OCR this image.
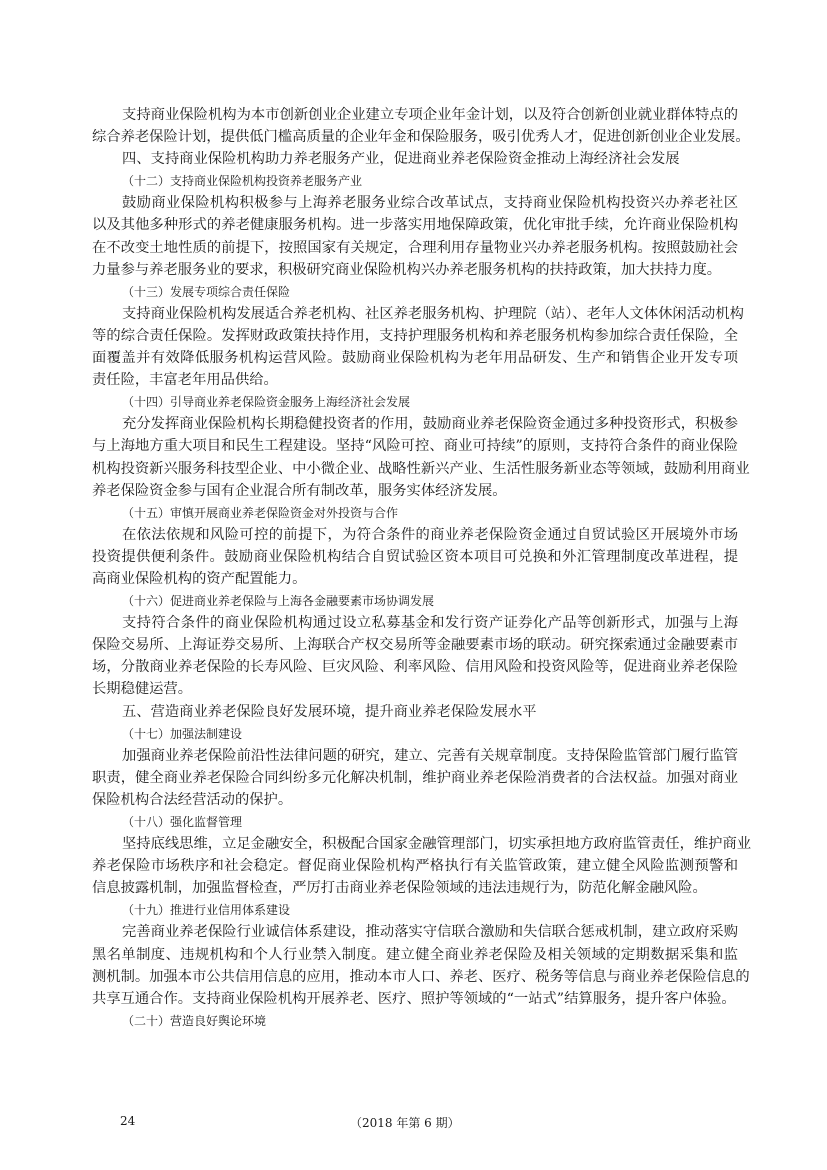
支持商业保险机构为本市创新创业企业建立专项企业年金计划，以及符合创新创业就业群体特点的
综合养老保险计划，提供低门槛高质量的企业年金和保险服务，吸引优秀人才，促进创新创业企业发展。
四、支持商业保险机构助力养老服务产业，促进商业养老保险资金推动上海经济社会发展
（十二）支持商业保险机构投资养老服务产业
鼓励商业保险机构积极参与上海养老服务业综合改革试点，支持商业保险机构投资兴办养老社区
以及其他多种形式的养老健康服务机构。进一步落实用地保障政策，优化审批手续，允许商业保险机构
在不改变土地性质的前提下，按照国家有关规定，合理利用存量物业兴办养老服务机构。按照鼓励社会
力量参与养老服务业的要求，积极研究商业保险机构兴办养老服务机构的扶持政策，加大扶持力度。
（十三）发展专项综合责任保险
支持商业保险机构发展适合养老机构、社区养老服务机构、护理院（站）、老年人文体休闲活动机构
等的综合责任保险。发挥财政政策扶持作用，支持护理服务机构和养老服务机构参加综合责任保险，全
面覆盖并有效降低服务机构运营风险。鼓励商业保险机构为老年用品研发、生产和销售企业开发专项
责任险，丰富老年用品供给。
（十四）引导商业养老保险资金服务上海经济社会发展
充分发挥商业保险机构长期稳健投资者的作用，鼓励商业养老保险资金通过多种投资形式，积极参
与上海地方重大项目和民生工程建设。坚持“风险可控、商业可持续”的原则，支持符合条件的商业保险
机构投资新兴服务科技型企业、中小微企业、战略性新兴产业、生活性服务新业态等领域，鼓励利用商业
养老保险资金参与国有企业混合所有制改革，服务实体经济发展。
（十五）审慎开展商业养老保险资金对外投资与合作
在依法依规和风险可控的前提下，为符合条件的商业养老保险资金通过自贸试验区开展境外市场
投资提供便利条件。鼓励商业保险机构结合自贸试验区资本项目可兑换和外汇管理制度改革进程，提
高商业保险机构的资产配置能力。
（十六）促进商业养老保险与上海各金融要素市场协调发展
支持符合条件的商业保险机构通过设立私募基金和发行资产证券化产品等创新形式，加强与上海
保险交易所、上海证券交易所、上海联合产权交易所等金融要素市场的联动。研究探索通过金融要素市
场，分散商业养老保险的长寿风险、巨灾风险、利率风险、信用风险和投资风险等，促进商业养老保险
长期稳健运营。
五、营造商业养老保险良好发展环境，提升商业养老保险发展水平
（十七）加强法制建设
加强商业养老保险前沿性法律问题的研究，建立、完善有关规章制度。支持保险监管部门履行监管
职责，健全商业养老保险合同纠纷多元化解决机制，维护商业养老保险消费者的合法权益。加强对商业
保险机构合法经营活动的保护。
（十八）强化监督管理
坚持底线思维，立足金融安全，积极配合国家金融管理部门，切实承担地方政府监管责任，维护商业
养老保险市场秩序和社会稳定。督促商业保险机构严格执行有关监管政策，建立健全风险监测预警和
信息披露机制，加强监督检查，严厉打击商业养老保险领域的违法违规行为，防范化解金融风险。
（十九）推进行业信用体系建设
完善商业养老保险行业诚信体系建设，推动落实守信联合激励和失信联合惩戒机制，建立政府采购
黑名单制度、违规机构和个人行业禁入制度。建立健全商业养老保险及相关领域的定期数据采集和监
测机制。加强本市公共信用信息的应用，推动本市人口、养老、医疗、税务等信息与商业养老保险信息的
共享互通合作。支持商业保险机构开展养老、医疗、照护等领域的“一站式”结算服务，提升客户体验。
（二十）营造良好舆论环境
24	（2018 年第 6 期）
